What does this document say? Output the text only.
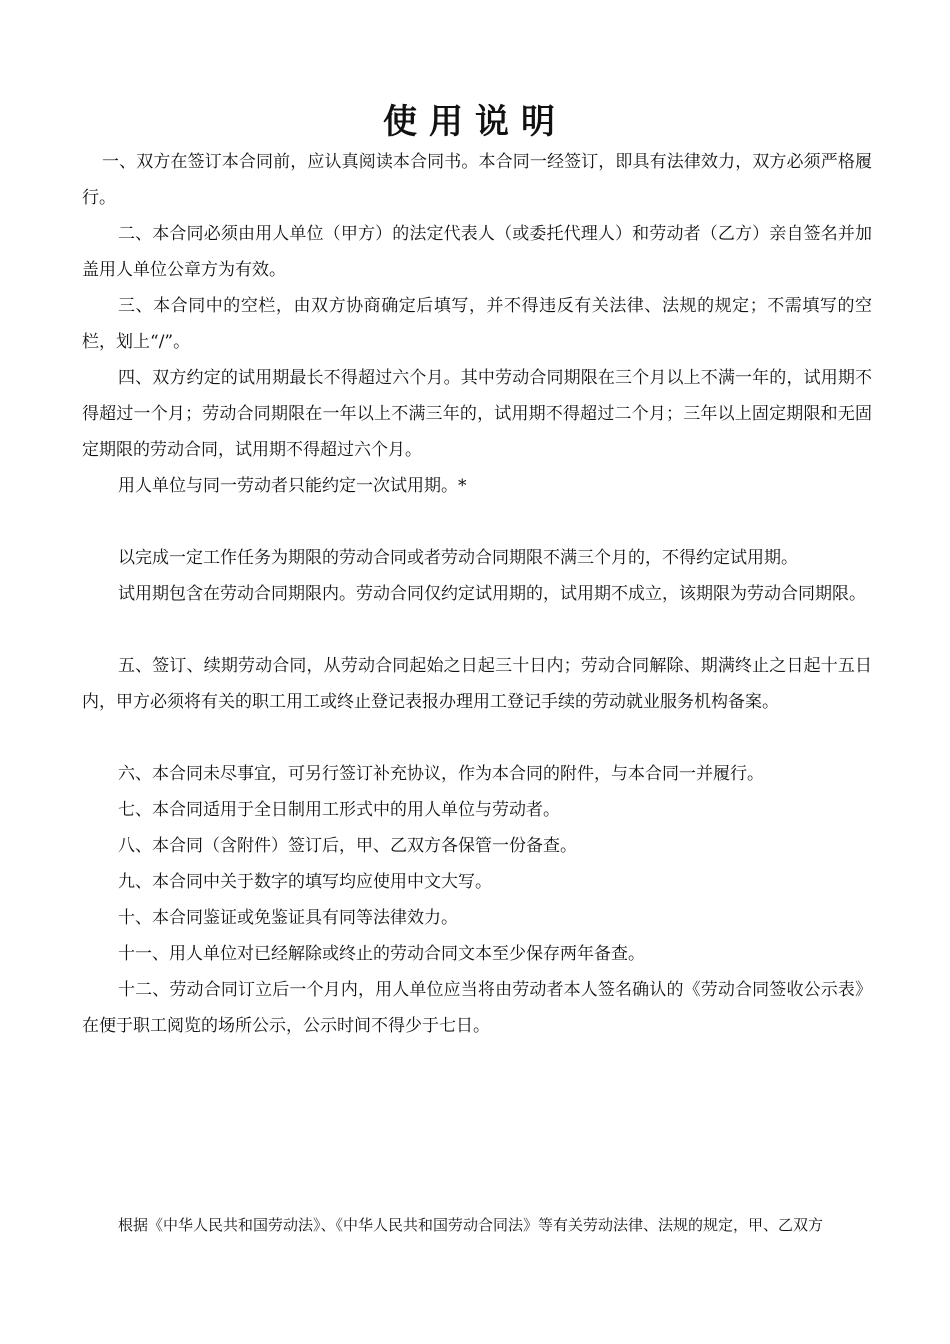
使用说明
一、双方在签订本合同前，应认真阅读本合同书。本合同一经签订，即具有法律效力，双方必须严格履行。
二、本合同必须由用人单位（甲方）的法定代表人（或委托代理人）和劳动者（乙方）亲自签名并加盖用人单位公章方为有效。
三、本合同中的空栏，由双方协商确定后填写，并不得违反有关法律、法规的规定；不需填写的空栏，划上“/”。
四、双方约定的试用期最长不得超过六个月。其中劳动合同期限在三个月以上不满一年的，试用期不得超过一个月；劳动合同期限在一年以上不满三年的，试用期不得超过二个月；三年以上固定期限和无固定期限的劳动合同，试用期不得超过六个月。
用人单位与同一劳动者只能约定一次试用期。*
以完成一定工作任务为期限的劳动合同或者劳动合同期限不满三个月的，不得约定试用期。
试用期包含在劳动合同期限内。劳动合同仅约定试用期的，试用期不成立，该期限为劳动合同期限。
五、签订、续期劳动合同，从劳动合同起始之日起三十日内；劳动合同解除、期满终止之日起十五日内，甲方必须将有关的职工用工或终止登记表报办理用工登记手续的劳动就业服务机构备案。
六、本合同未尽事宜，可另行签订补充协议，作为本合同的附件，与本合同一并履行。
七、本合同适用于全日制用工形式中的用人单位与劳动者。
八、本合同（含附件）签订后，甲、乙双方各保管一份备查。
九、本合同中关于数字的填写均应使用中文大写。
十、本合同鉴证或免鉴证具有同等法律效力。
十一、用人单位对已经解除或终止的劳动合同文本至少保存两年备查。
十二、劳动合同订立后一个月内，用人单位应当将由劳动者本人签名确认的《劳动合同签收公示表》在便于职工阅览的场所公示，公示时间不得少于七日。
根据《中华人民共和国劳动法》、《中华人民共和国劳动合同法》等有关劳动法律、法规的规定，甲、乙双方
